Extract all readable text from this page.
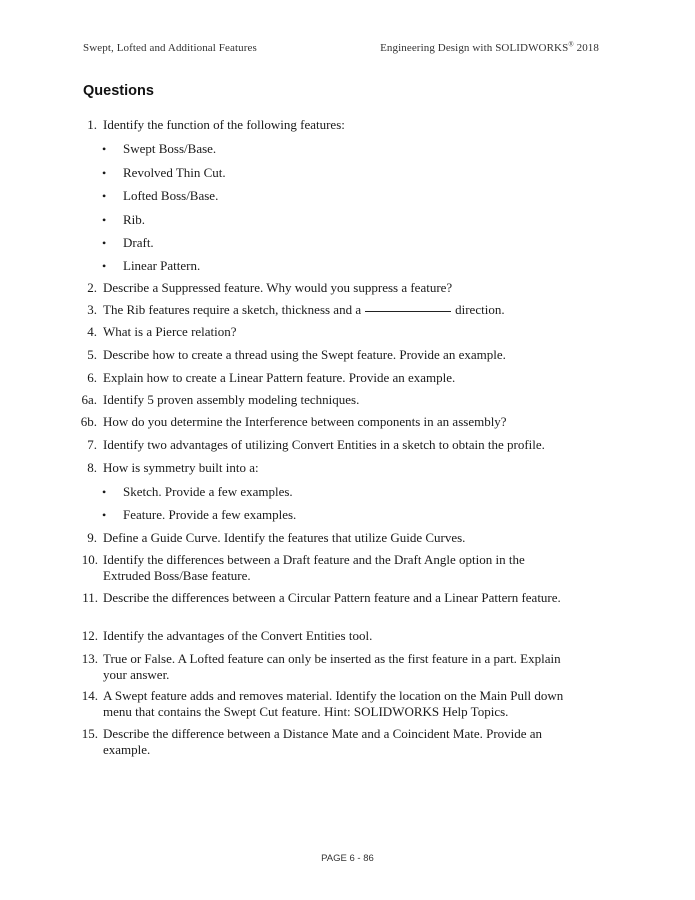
Swept, Lofted and Additional Features	Engineering Design with SOLIDWORKS® 2018
Questions
1. Identify the function of the following features:
• Swept Boss/Base.
• Revolved Thin Cut.
• Lofted Boss/Base.
• Rib.
• Draft.
• Linear Pattern.
2. Describe a Suppressed feature. Why would you suppress a feature?
3. The Rib features require a sketch, thickness and a	direction.
4. What is a Pierce relation?
5. Describe how to create a thread using the Swept feature. Provide an example.
6. Explain how to create a Linear Pattern feature. Provide an example.
6a. Identify 5 proven assembly modeling techniques.
6b. How do you determine the Interference between components in an assembly?
7. Identify two advantages of utilizing Convert Entities in a sketch to obtain the profile.
8. How is symmetry built into a:
• Sketch. Provide a few examples.
• Feature. Provide a few examples.
9. Define a Guide Curve. Identify the features that utilize Guide Curves.
10. Identify the differences between a Draft feature and the Draft Angle option in the Extruded Boss/Base feature.
11. Describe the differences between a Circular Pattern feature and a Linear Pattern feature.
12. Identify the advantages of the Convert Entities tool.
13. True or False. A Lofted feature can only be inserted as the first feature in a part. Explain your answer.
14. A Swept feature adds and removes material. Identify the location on the Main Pull down menu that contains the Swept Cut feature. Hint: SOLIDWORKS Help Topics.
15. Describe the difference between a Distance Mate and a Coincident Mate. Provide an example.
PAGE 6 - 86
